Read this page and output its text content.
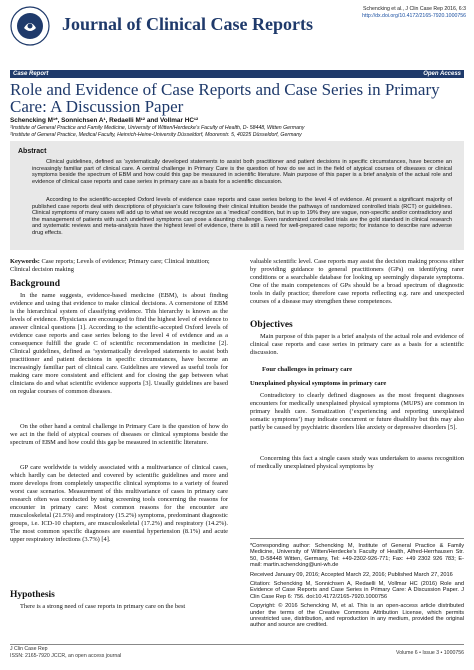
Journal of Clinical Case Reports
Schencking et al., J Clin Case Rep 2016, 6:3
http://dx.doi.org/10.4172/2165-7920.1000756
Case Report	Open Access
Role and Evidence of Case Reports and Case Series in Primary Care: A Discussion Paper
Schencking M¹*, Sonnichsen A¹, Redaelli M¹² and Vollmar HC¹²
¹Institute of General Practice and Family Medicine, University of Witten/Herdecke’s Faculty of Health, D- 58448, Witten Germany
²Institute of General Practice, Medical Faculty, Heinrich-Heine-University Düsseldorf, Moorenstr. 5, 40225 Düsseldorf, Germany
Abstract
Clinical guidelines, defined as ‘systematically developed statements to assist both practitioner and patient decisions in specific circumstances, have become an increasingly familiar part of clinical care. A central challenge in Primary Care is the question of how do we act in the field of atypical courses of diseases or clinical symptoms beside the spectrum of EBM and how could this gap be measured in scientific literature. Main purpose of this paper is a brief analysis of the actual role and evidence of clinical case reports and case series in primary care as a basis for a scientific discussion.
According to the scientific-accepted Oxford levels of evidence case reports and case series belong to the level 4 of evidence. At present a significant majority of published case reports deal with descriptions of physician’s care following their clinical intuition beside the pathways of randomized controlled trials (RCT) or guidelines. Clinical symptoms of many cases will add up to what we would recognize as a ‘medical’ condition, but in up to 19% they are vague, non-specific and/or contradictory and the management of patients with such undefined symptoms can pose a daunting challenge. Even randomized controlled trials are the gold standard in clinical research and systematic reviews and meta-analysis have the highest level of evidence, there is still a need for well-prepared case reports; for instance to describe rare adverse drug effects.
Keywords: Case reports; Levels of evidence; Primary care; Clinical intuition; Clinical decision making
Background
In the name suggests, evidence-based medicine (EBM), is about finding evidence and using that evidence to make clinical decisions. A cornerstone of EBM is the hierarchical system of classifying evidence. This hierarchy is known as the levels of evidence. Physicians are encouraged to find the highest level of evidence to answer clinical questions [1]. According to the scientific-accepted Oxford levels of evidence case reports and case series belong to the level 4 of evidence and as a consequence fulfill the grade C of scientific recommendation in medicine [2]. Clinical guidelines, defined as ‘systematically developed statements to assist both practitioner and patient decisions in specific circumstances, have become an increasingly familiar part of clinical care. Guidelines are viewed as useful tools for making care more consistent and efficient and for closing the gap between what clinicians do and what scientific evidence supports [3]. Usually guidelines are based on regular courses of common diseases.
On the other hand a central challenge in Primary Care is the question of how do we act in the field of atypical courses of diseases or clinical symptoms beside the spectrum of EBM and how could this gap be measured in scientific literature.
GP care worldwide is widely associated with a multivariance of clinical cases, which hardly can be detected and covered by scientific guidelines and more and more develops from completely unspecific clinical symptoms to a variety of feared worst case scenarios. Measurement of this multivariance of cases in primary care research often was conducted by using screening tools concerning the reasons for encounter in primary care: Most common reasons for the encounter are musculoskeletal (21.5%) and respiratory (15.2%) symptoms, predominant diagnostic groups, i.e. ICD-10 chapters, are musculoskeletal (17.2%) and respiratory (14.2%). The most common specific diagnoses are essential hypertension (8.1%) and acute upper respiratory infections (3.7%) [4].
Hypothesis
There is a strong need of case reports in primary care on the best
valuable scientific level. Case reports may assist the decision making process either by providing guidance to general practitioners (GPs) on identifying rarer conditions or a searchable database for looking up seemingly disparate symptoms. One of the main competences of GPs should be a broad spectrum of diagnostic tools in daily practice; therefore case reports reflecting e.g. rare and unexpected courses of a disease may strengthen these competences.
Objectives
Main purpose of this paper is a brief analysis of the actual role and evidence of clinical case reports and case series in primary care as a basis for a scientific discussion.
Four challenges in primary care
Unexplained physical symptoms in primary care
Contradictory to clearly defined diagnoses as the most frequent diagnoses encounters for medically unexplained physical symptoms (MUPS) are common in primary health care. Somatization (‘experiencing and reporting unexplained somatic symptoms’) may indicate concurrent or future disability but this may also partly be caused by psychiatric disorders like anxiety or depressive disorders [5].
Concerning this fact a single cases study was undertaken to assess recognition of medically unexplained physical symptoms by
*Corresponding author: Schencking M, Institute of General Practice & Family Medicine, University of Witten/Herdecke’s Faculty of Health, Alfred-Herrhausen Str. 50, D-58448 Witten, Germany, Tel: +49-2302-926-771; Fax: +49 2302 926 783; E-mail: martin.schencking@uni-wh.de
Received January 09, 2016; Accepted March 22, 2016; Published March 27, 2016
Citation: Schencking M, Sonnichsen A, Redaelli M, Vollmar HC (2016) Role and Evidence of Case Reports and Case Series in Primary Care: A Discussion Paper. J Clin Case Rep 6: 756. doi:10.4172/2165-7920.1000756
Copyright: © 2016 Schencking M, et al. This is an open-access article distributed under the terms of the Creative Commons Attribution License, which permits unrestricted use, distribution, and reproduction in any medium, provided the original author and source are credited.
J Clin Case Rep
ISSN: 2165-7920 JCCR, an open access journal	Volume 6 • Issue 3 • 1000756
